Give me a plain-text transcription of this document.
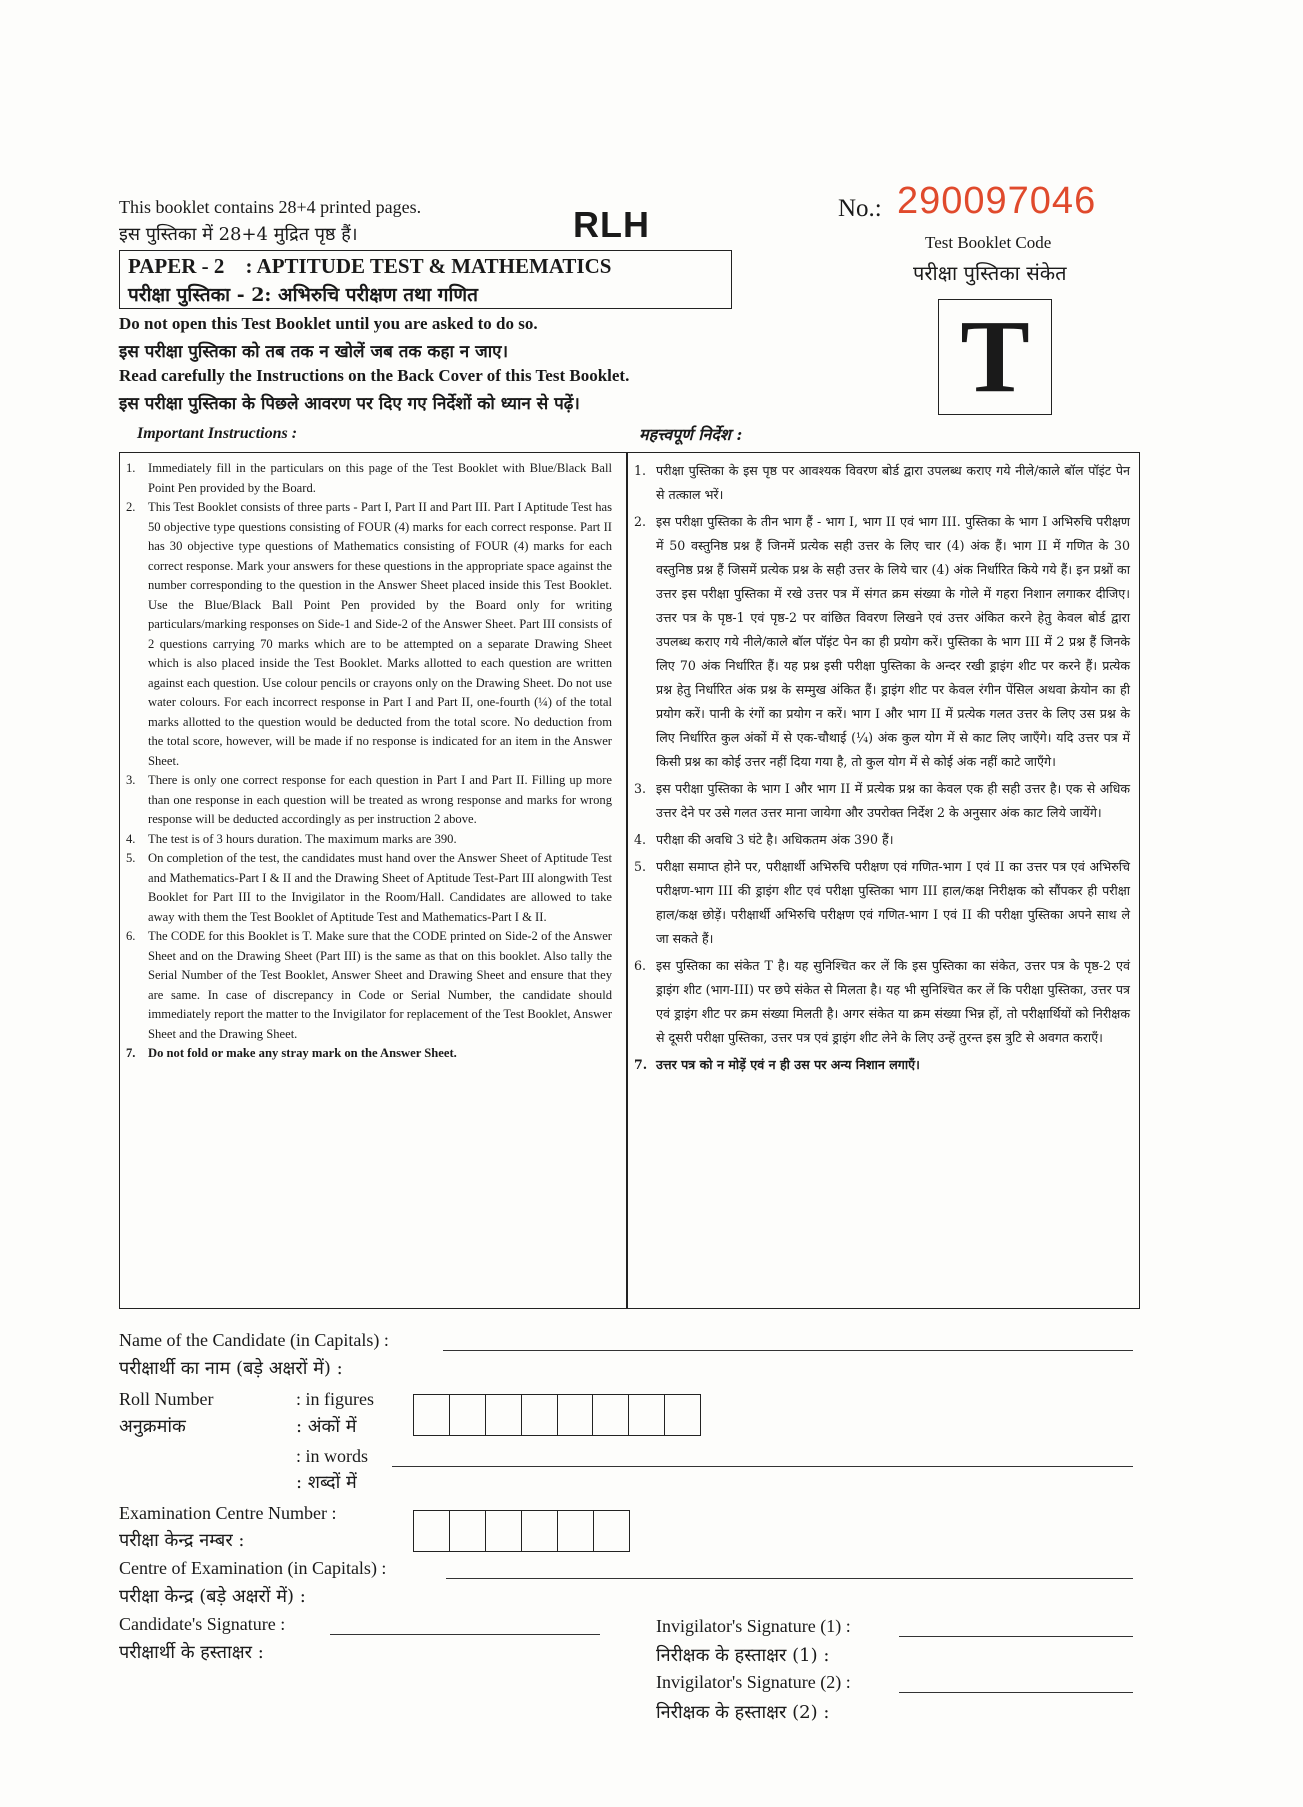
This booklet contains 28+4 printed pages.
इस पुस्तिका में 28+4 मुद्रित पृष्ठ हैं।	RLH
PAPER - 2 : APTITUDE TEST & MATHEMATICS
परीक्षा पुस्तिका - 2: अभिरुचि परीक्षण तथा गणित
Do not open this Test Booklet until you are asked to do so.
इस परीक्षा पुस्तिका को तब तक न खोलें जब तक कहा न जाए।
Read carefully the Instructions on the Back Cover of this Test Booklet.
इस परीक्षा पुस्तिका के पिछले आवरण पर दिए गए निर्देशों को ध्यान से पढ़ें।
No.: 290097046
Test Booklet Code
परीक्षा पुस्तिका संकेत
T
Important Instructions :	महत्त्वपूर्ण निर्देश :

1. Immediately fill in the particulars on this page of the Test Booklet with Blue/Black Ball Point Pen provided by the Board.

2. This Test Booklet consists of three parts - Part I, Part II and Part III. Part I Aptitude Test has 50 objective type questions consisting of FOUR (4) marks for each correct response. Part II has 30 objective type questions of Mathematics consisting of FOUR (4) marks for each correct response. Mark your answers for these questions in the appropriate space against the number corresponding to the question in the Answer Sheet placed inside this Test Booklet. Use the Blue/Black Ball Point Pen provided by the Board only for writing particulars/marking responses on Side-1 and Side-2 of the Answer Sheet. Part III consists of 2 questions carrying 70 marks which are to be attempted on a separate Drawing Sheet which is also placed inside the Test Booklet. Marks allotted to each question are written against each question. Use colour pencils or crayons only on the Drawing Sheet. Do not use water colours. For each incorrect response in Part I and Part II, one-fourth (¼) of the total marks allotted to the question would be deducted from the total score. No deduction from the total score, however, will be made if no response is indicated for an item in the Answer Sheet.

3. There is only one correct response for each question in Part I and Part II. Filling up more than one response in each question will be treated as wrong response and marks for wrong response will be deducted accordingly as per instruction 2 above.

4. The test is of 3 hours duration. The maximum marks are 390.

5. On completion of the test, the candidates must hand over the Answer Sheet of Aptitude Test and Mathematics-Part I & II and the Drawing Sheet of Aptitude Test-Part III alongwith Test Booklet for Part III to the Invigilator in the Room/Hall. Candidates are allowed to take away with them the Test Booklet of Aptitude Test and Mathematics-Part I & II.

6. The CODE for this Booklet is T. Make sure that the CODE printed on Side-2 of the Answer Sheet and on the Drawing Sheet (Part III) is the same as that on this booklet. Also tally the Serial Number of the Test Booklet, Answer Sheet and Drawing Sheet and ensure that they are same. In case of discrepancy in Code or Serial Number, the candidate should immediately report the matter to the Invigilator for replacement of the Test Booklet, Answer Sheet and the Drawing Sheet.

7. Do not fold or make any stray mark on the Answer Sheet.

1. परीक्षा पुस्तिका के इस पृष्ठ पर आवश्यक विवरण बोर्ड द्वारा उपलब्ध कराए गये नीले/काले बॉल पॉइंट पेन से तत्काल भरें।

2. इस परीक्षा पुस्तिका के तीन भाग हैं - भाग I, भाग II एवं भाग III. पुस्तिका के भाग I अभिरुचि परीक्षण में 50 वस्तुनिष्ठ प्रश्न हैं जिनमें प्रत्येक सही उत्तर के लिए चार (4) अंक हैं। भाग II में गणित के 30 वस्तुनिष्ठ प्रश्न हैं जिसमें प्रत्येक प्रश्न के सही उत्तर के लिये चार (4) अंक निर्धारित किये गये हैं। इन प्रश्नों का उत्तर इस परीक्षा पुस्तिका में रखे उत्तर पत्र में संगत क्रम संख्या के गोले में गहरा निशान लगाकर दीजिए। उत्तर पत्र के पृष्ठ-1 एवं पृष्ठ-2 पर वांछित विवरण लिखने एवं उत्तर अंकित करने हेतु केवल बोर्ड द्वारा उपलब्ध कराए गये नीले/काले बॉल पॉइंट पेन का ही प्रयोग करें। पुस्तिका के भाग III में 2 प्रश्न हैं जिनके लिए 70 अंक निर्धारित हैं। यह प्रश्न इसी परीक्षा पुस्तिका के अन्दर रखी ड्राइंग शीट पर करने हैं। प्रत्येक प्रश्न हेतु निर्धारित अंक प्रश्न के सम्मुख अंकित हैं। ड्राइंग शीट पर केवल रंगीन पेंसिल अथवा क्रेयोन का ही प्रयोग करें। पानी के रंगों का प्रयोग न करें। भाग I और भाग II में प्रत्येक गलत उत्तर के लिए उस प्रश्न के लिए निर्धारित कुल अंकों में से एक-चौथाई (¼) अंक कुल योग में से काट लिए जाएँगे। यदि उत्तर पत्र में किसी प्रश्न का कोई उत्तर नहीं दिया गया है, तो कुल योग में से कोई अंक नहीं काटे जाएँगे।

3. इस परीक्षा पुस्तिका के भाग I और भाग II में प्रत्येक प्रश्न का केवल एक ही सही उत्तर है। एक से अधिक उत्तर देने पर उसे गलत उत्तर माना जायेगा और उपरोक्त निर्देश 2 के अनुसार अंक काट लिये जायेंगे।

4. परीक्षा की अवधि 3 घंटे है। अधिकतम अंक 390 हैं।

5. परीक्षा समाप्त होने पर, परीक्षार्थी अभिरुचि परीक्षण एवं गणित-भाग I एवं II का उत्तर पत्र एवं अभिरुचि परीक्षण-भाग III की ड्राइंग शीट एवं परीक्षा पुस्तिका भाग III हाल/कक्ष निरीक्षक को सौंपकर ही परीक्षा हाल/कक्ष छोड़ें। परीक्षार्थी अभिरुचि परीक्षण एवं गणित-भाग I एवं II की परीक्षा पुस्तिका अपने साथ ले जा सकते हैं।

6. इस पुस्तिका का संकेत T है। यह सुनिश्चित कर लें कि इस पुस्तिका का संकेत, उत्तर पत्र के पृष्ठ-2 एवं ड्राइंग शीट (भाग-III) पर छपे संकेत से मिलता है। यह भी सुनिश्चित कर लें कि परीक्षा पुस्तिका, उत्तर पत्र एवं ड्राइंग शीट पर क्रम संख्या मिलती है। अगर संकेत या क्रम संख्या भिन्न हों, तो परीक्षार्थियों को निरीक्षक से दूसरी परीक्षा पुस्तिका, उत्तर पत्र एवं ड्राइंग शीट लेने के लिए उन्हें तुरन्त इस त्रुटि से अवगत कराएँ।

7. उत्तर पत्र को न मोड़ें एवं न ही उस पर अन्य निशान लगाएँ।

Name of the Candidate (in Capitals) :
परीक्षार्थी का नाम (बड़े अक्षरों में) :
Roll Number
अनुक्रमांक
: in figures
: अंकों में
: in words
: शब्दों में
Examination Centre Number :
परीक्षा केन्द्र नम्बर :
Centre of Examination (in Capitals) :
परीक्षा केन्द्र (बड़े अक्षरों में) :
Candidate's Signature :
परीक्षार्थी के हस्ताक्षर :
Invigilator's Signature (1) :
निरीक्षक के हस्ताक्षर (1) :
Invigilator's Signature (2) :
निरीक्षक के हस्ताक्षर (2) :
